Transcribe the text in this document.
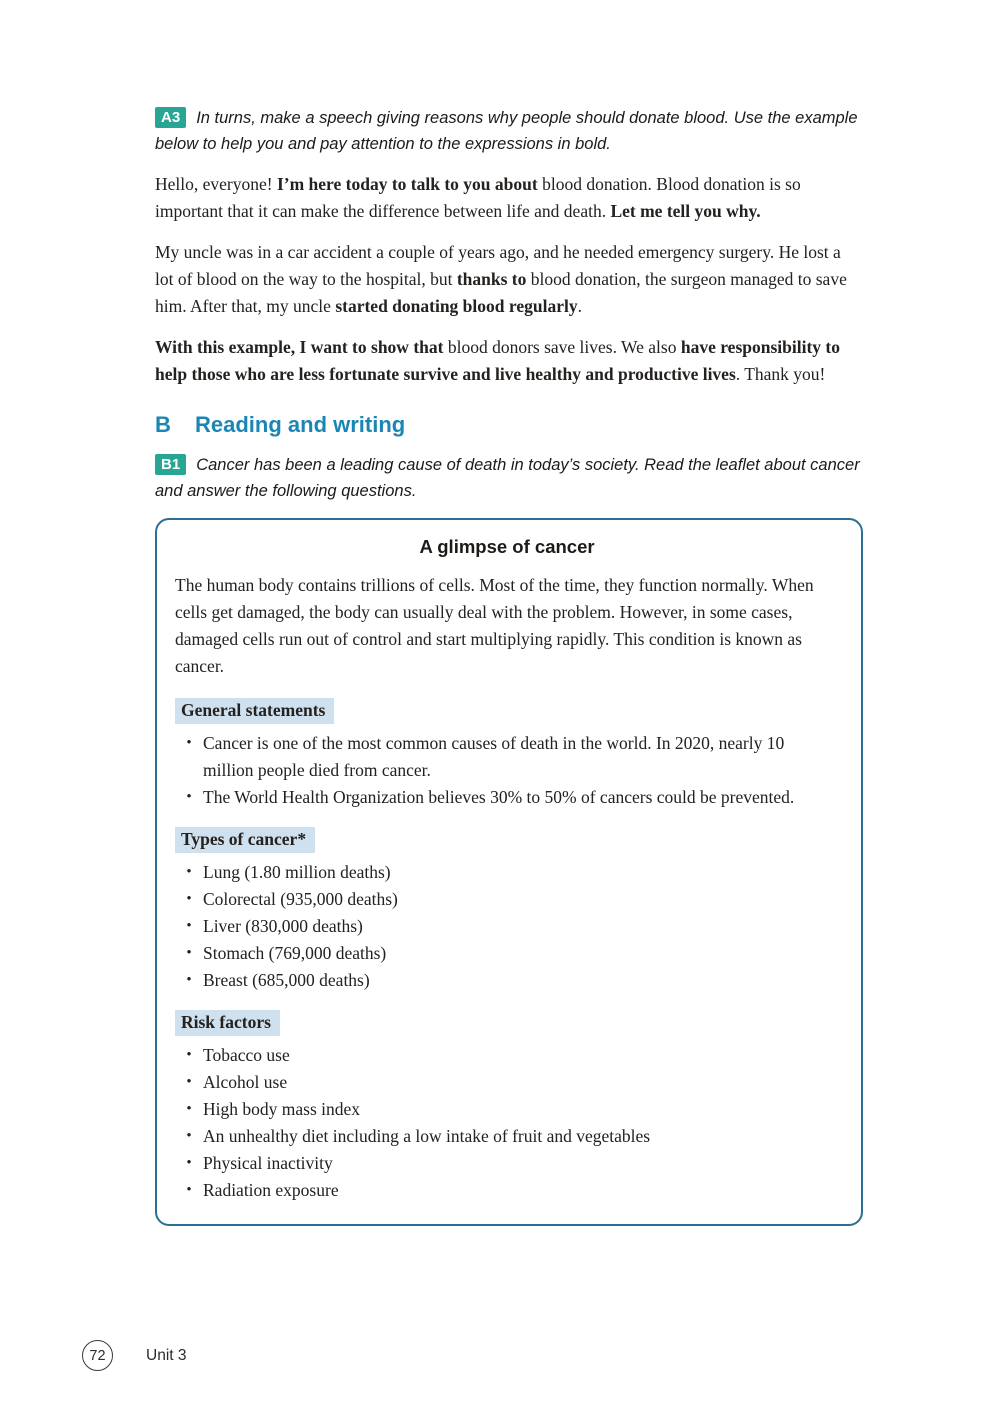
A3 In turns, make a speech giving reasons why people should donate blood. Use the example below to help you and pay attention to the expressions in bold.

Hello, everyone! I’m here today to talk to you about blood donation. Blood donation is so important that it can make the difference between life and death. Let me tell you why.

My uncle was in a car accident a couple of years ago, and he needed emergency surgery. He lost a lot of blood on the way to the hospital, but thanks to blood donation, the surgeon managed to save him. After that, my uncle started donating blood regularly.

With this example, I want to show that blood donors save lives. We also have responsibility to help those who are less fortunate survive and live healthy and productive lives. Thank you!

B Reading and writing

B1 Cancer has been a leading cause of death in today’s society. Read the leaflet about cancer and answer the following questions.

A glimpse of cancer

The human body contains trillions of cells. Most of the time, they function normally. When cells get damaged, the body can usually deal with the problem. However, in some cases, damaged cells run out of control and start multiplying rapidly. This condition is known as cancer.

General statements
• Cancer is one of the most common causes of death in the world. In 2020, nearly 10 million people died from cancer.
• The World Health Organization believes 30% to 50% of cancers could be prevented.
Types of cancer*
• Lung (1.80 million deaths)
• Colorectal (935,000 deaths)
• Liver (830,000 deaths)
• Stomach (769,000 deaths)
• Breast (685,000 deaths)
Risk factors
• Tobacco use
• Alcohol use
• High body mass index
• An unhealthy diet including a low intake of fruit and vegetables
• Physical inactivity
• Radiation exposure
72	Unit 3
